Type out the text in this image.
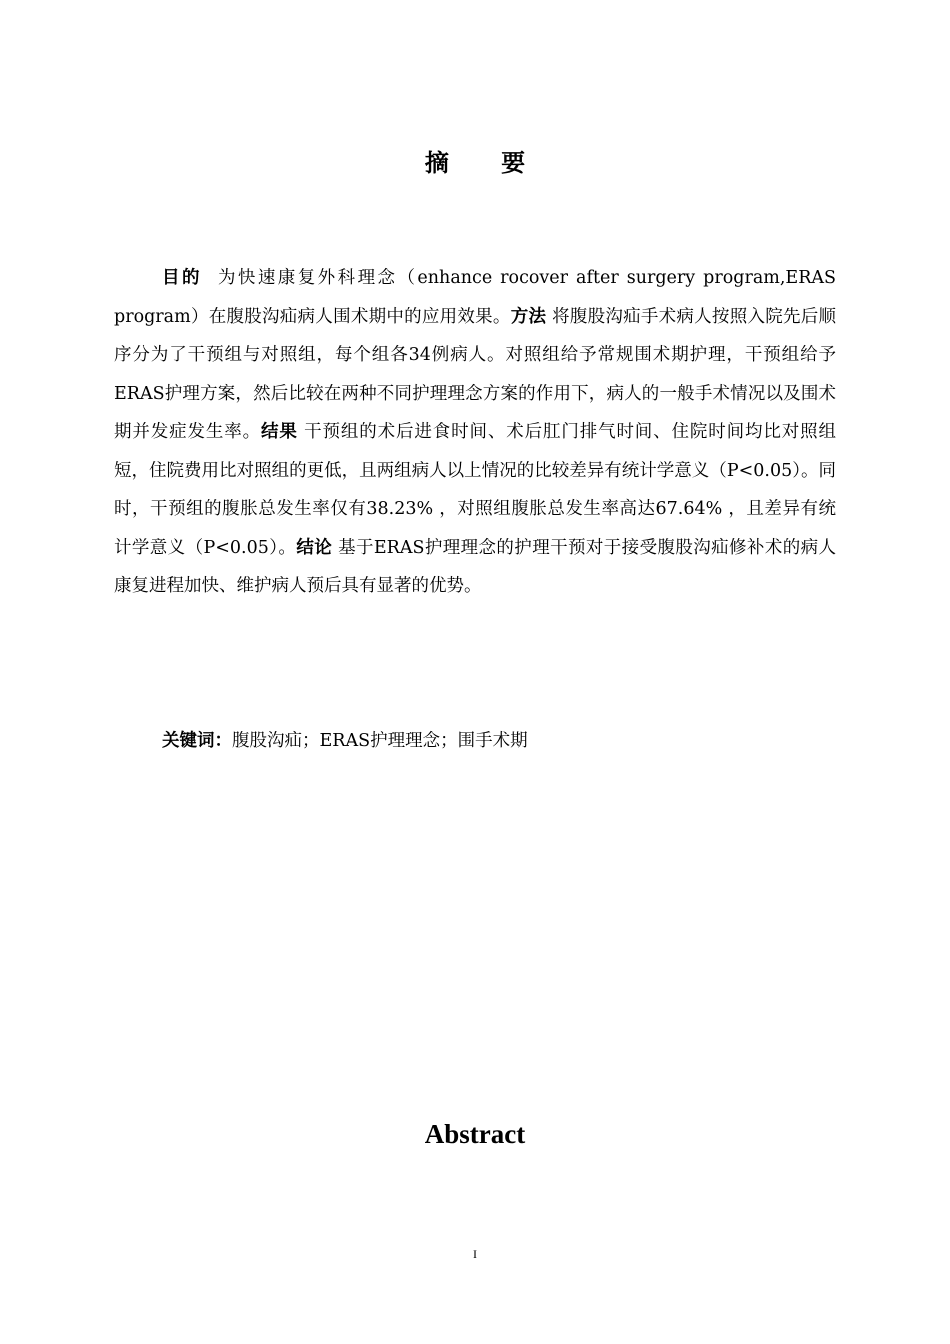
摘 要

目的 为快速康复外科理念（enhance rocover after surgery program,ERAS program）在腹股沟疝病人围术期中的应用效果。方法 将腹股沟疝手术病人按照入院先后顺序分为了干预组与对照组，每个组各34例病人。对照组给予常规围术期护理，干预组给予ERAS护理方案，然后比较在两种不同护理理念方案的作用下，病人的一般手术情况以及围术期并发症发生率。结果 干预组的术后进食时间、术后肛门排气时间、住院时间均比对照组短，住院费用比对照组的更低，且两组病人以上情况的比较差异有统计学意义（P<0.05）。同时，干预组的腹胀总发生率仅有38.23% ，对照组腹胀总发生率高达67.64% ，且差异有统计学意义（P<0.05）。结论 基于ERAS护理理念的护理干预对于接受腹股沟疝修补术的病人康复进程加快、维护病人预后具有显著的优势。

关键词：腹股沟疝；ERAS护理理念；围手术期

Abstract
I
